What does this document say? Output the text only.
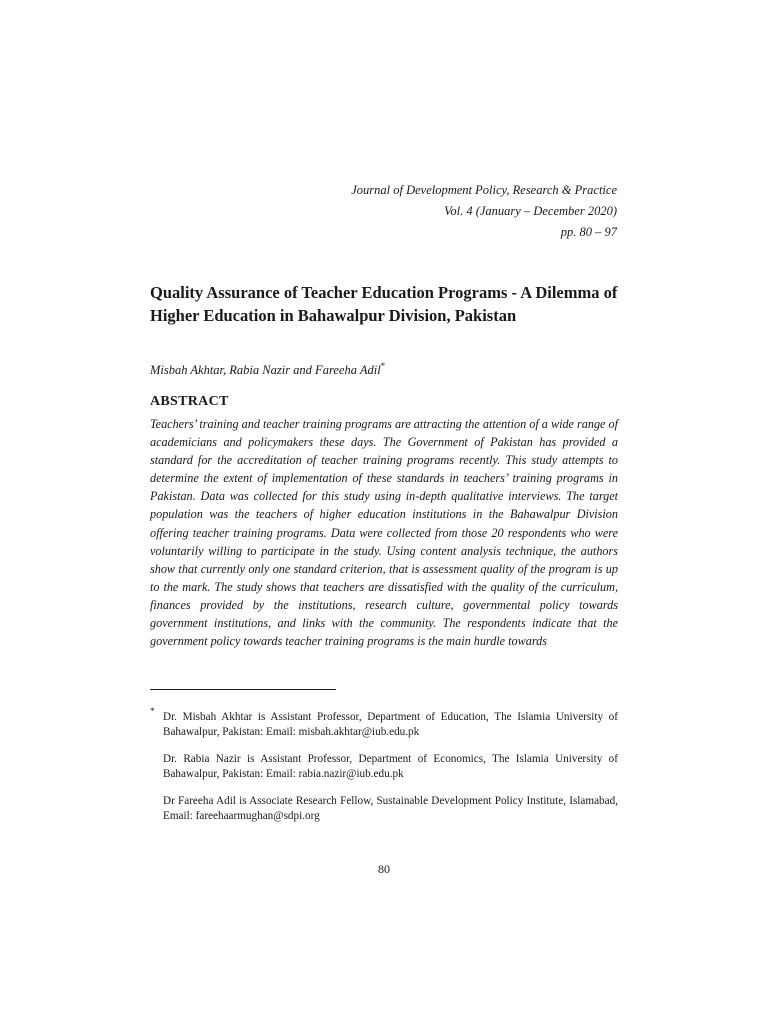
Journal of Development Policy, Research & Practice
Vol. 4 (January – December 2020)
pp. 80 – 97
Quality Assurance of Teacher Education Programs - A Dilemma of Higher Education in Bahawalpur Division, Pakistan
Misbah Akhtar, Rabia Nazir and Fareeha Adil*
ABSTRACT

Teachers’ training and teacher training programs are attracting the attention of a wide range of academicians and policymakers these days. The Government of Pakistan has provided a standard for the accreditation of teacher training programs recently. This study attempts to determine the extent of implementation of these standards in teachers’ training programs in Pakistan. Data was collected for this study using in-depth qualitative interviews. The target population was the teachers of higher education institutions in the Bahawalpur Division offering teacher training programs. Data were collected from those 20 respondents who were voluntarily willing to participate in the study. Using content analysis technique, the authors show that currently only one standard criterion, that is assessment quality of the program is up to the mark. The study shows that teachers are dissatisfied with the quality of the curriculum, finances provided by the institutions, research culture, governmental policy towards government institutions, and links with the community. The respondents indicate that the government policy towards teacher training programs is the main hurdle towards

* Dr. Misbah Akhtar is Assistant Professor, Department of Education, The Islamia University of Bahawalpur, Pakistan: Email: misbah.akhtar@iub.edu.pk
Dr. Rabia Nazir is Assistant Professor, Department of Economics, The Islamia University of Bahawalpur, Pakistan: Email: rabia.nazir@iub.edu.pk
Dr Fareeha Adil is Associate Research Fellow, Sustainable Development Policy Institute, Islamabad, Email: fareehaarmughan@sdpi.org
80
